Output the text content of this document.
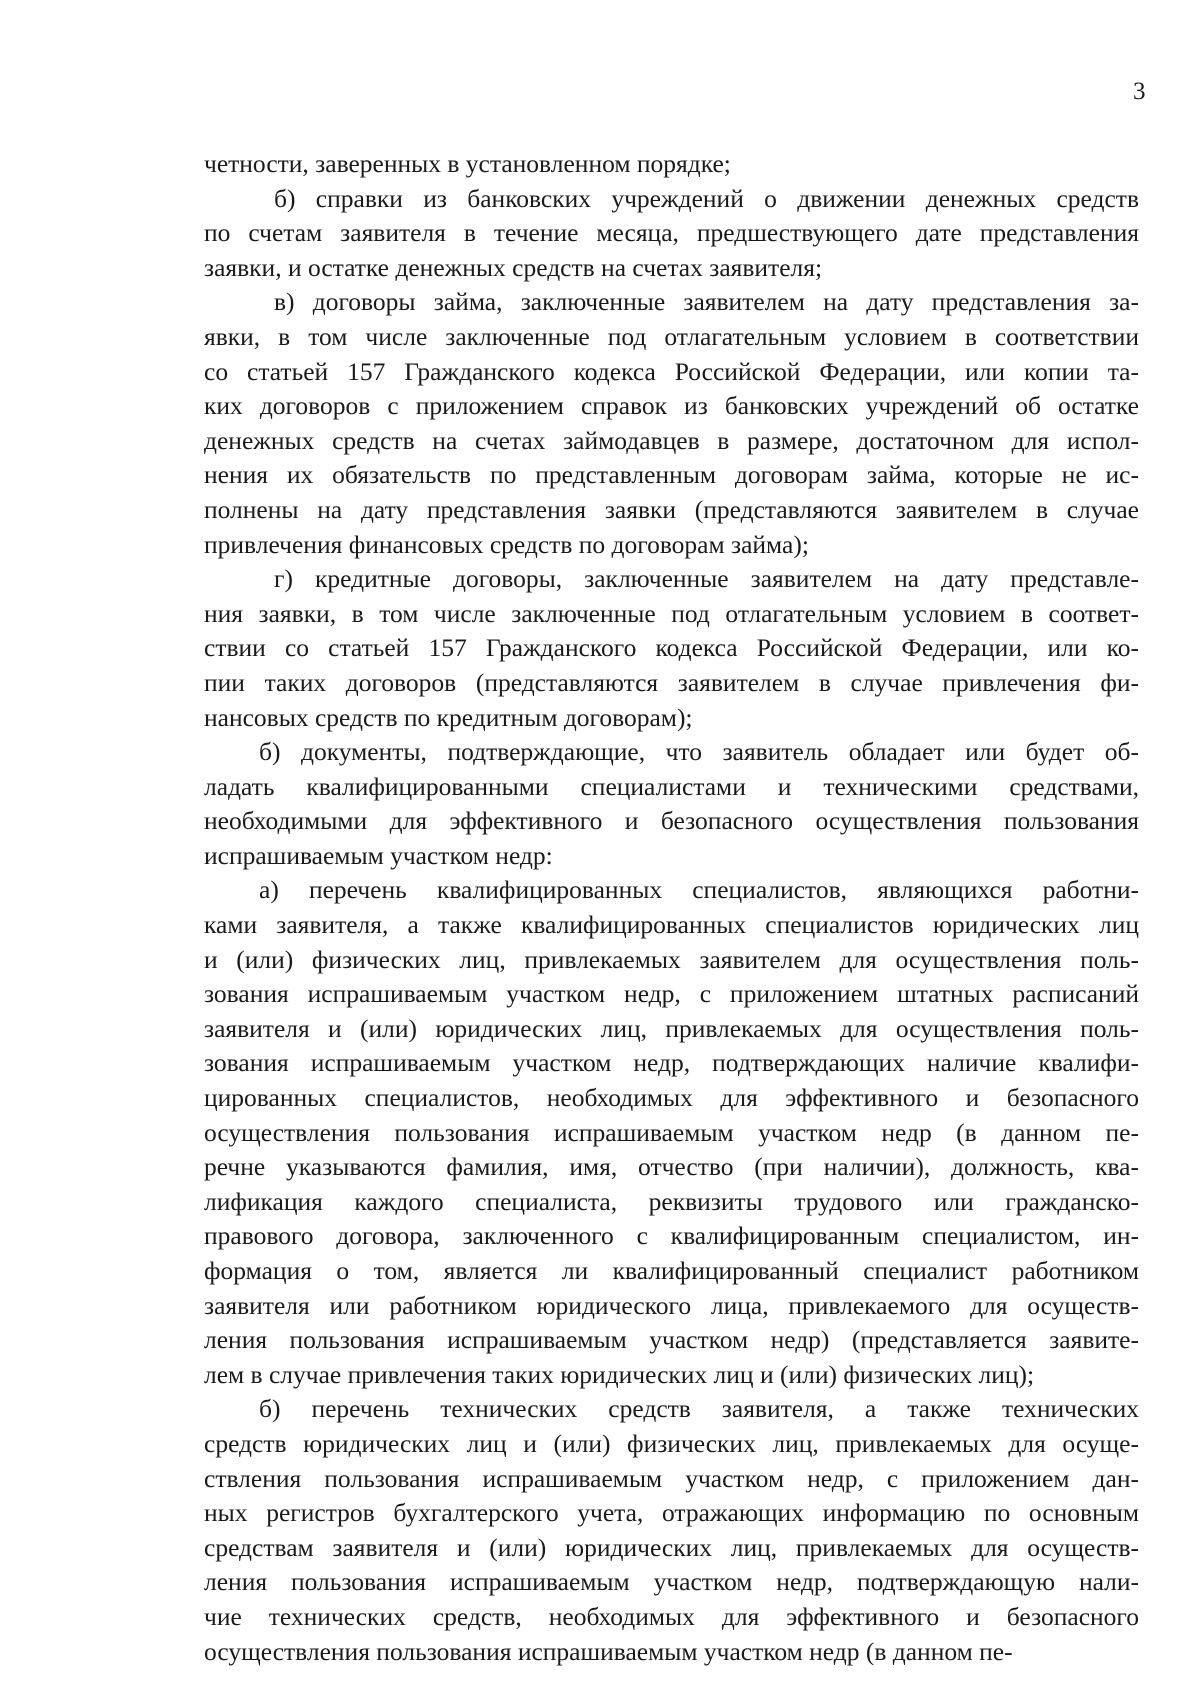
3
четности, заверенных в установленном порядке;
б) справки из банковских учреждений о движении денежных средств
по счетам заявителя в течение месяца, предшествующего дате представления
заявки, и остатке денежных средств на счетах заявителя;
в) договоры займа, заключенные заявителем на дату представления за-
явки, в том числе заключенные под отлагательным условием в соответствии
со статьей 157 Гражданского кодекса Российской Федерации, или копии та-
ких договоров с приложением справок из банковских учреждений об остатке
денежных средств на счетах займодавцев в размере, достаточном для испол-
нения их обязательств по представленным договорам займа, которые не ис-
полнены на дату представления заявки (представляются заявителем в случае
привлечения финансовых средств по договорам займа);
г) кредитные договоры, заключенные заявителем на дату представле-
ния заявки, в том числе заключенные под отлагательным условием в соответ-
ствии со статьей 157 Гражданского кодекса Российской Федерации, или ко-
пии таких договоров (представляются заявителем в случае привлечения фи-
нансовых средств по кредитным договорам);
б) документы, подтверждающие, что заявитель обладает или будет об-
ладать квалифицированными специалистами и техническими средствами,
необходимыми для эффективного и безопасного осуществления пользования
испрашиваемым участком недр:
а) перечень квалифицированных специалистов, являющихся работни-
ками заявителя, а также квалифицированных специалистов юридических лиц
и (или) физических лиц, привлекаемых заявителем для осуществления поль-
зования испрашиваемым участком недр, с приложением штатных расписаний
заявителя и (или) юридических лиц, привлекаемых для осуществления поль-
зования испрашиваемым участком недр, подтверждающих наличие квалифи-
цированных специалистов, необходимых для эффективного и безопасного
осуществления пользования испрашиваемым участком недр (в данном пе-
речне указываются фамилия, имя, отчество (при наличии), должность, ква-
лификация каждого специалиста, реквизиты трудового или гражданско-
правового договора, заключенного с квалифицированным специалистом, ин-
формация о том, является ли квалифицированный специалист работником
заявителя или работником юридического лица, привлекаемого для осуществ-
ления пользования испрашиваемым участком недр) (представляется заявите-
лем в случае привлечения таких юридических лиц и (или) физических лиц);
б) перечень технических средств заявителя, а также технических
средств юридических лиц и (или) физических лиц, привлекаемых для осуще-
ствления пользования испрашиваемым участком недр, с приложением дан-
ных регистров бухгалтерского учета, отражающих информацию по основным
средствам заявителя и (или) юридических лиц, привлекаемых для осуществ-
ления пользования испрашиваемым участком недр, подтверждающую нали-
чие технических средств, необходимых для эффективного и безопасного
осуществления пользования испрашиваемым участком недр (в данном пе-
